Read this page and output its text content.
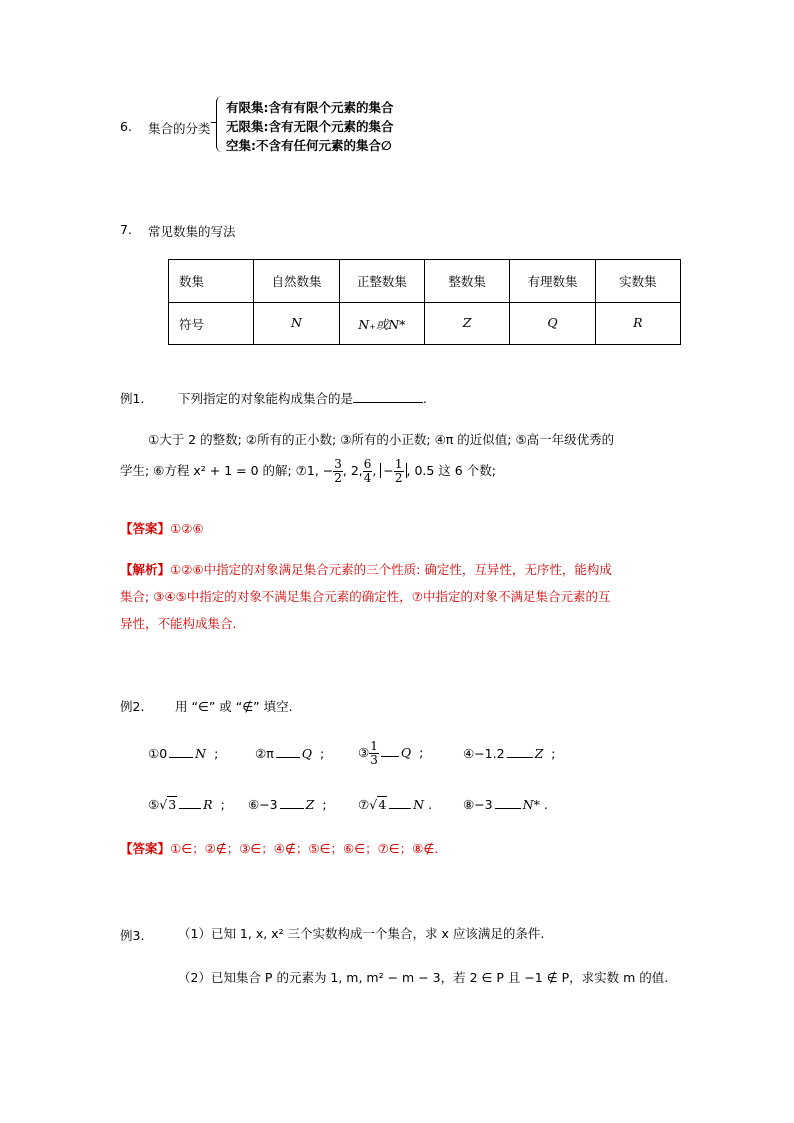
6. 集合的分类
有限集:含有有限个元素的集合
无限集:含有无限个元素的集合
空集:不含有任何元素的集合∅
7. 常见数集的写法
数集	自然数集	正整数集	整数集	有理数集	实数集
符号	N	N₊或N*	Z	Q	R
例1.	下列指定的对象能构成集合的是	.
①大于 2 的整数; ②所有的正小数; ③所有的小正数; ④π 的近似值; ⑤高一年级优秀的
学生; ⑥方程 x² + 1 = 0 的解; ⑦1, − $\frac{3}{2}$ , 2, $\frac{6}{4}$ , − $\frac{1}{2}$ , 0.5 这 6 个数;
【答案】①②⑥
【解析】①②⑥中指定的对象满足集合元素的三个性质: 确定性，互异性，无序性，能构成
集合; ③④⑤中指定的对象不满足集合元素的确定性，⑦中指定的对象不满足集合元素的互
异性，不能构成集合.
例2. 用 “∈” 或 “∉” 填空.
①0 N ;	②π Q ;	③ $\frac{1}{3}$ Q ;	④−1.2 Z ;
⑤√3 R ; ⑥−3 Z ;	⑦√4 N . ⑧−3 N* .
【答案】①∈；②∉；③∈；④∉；⑤∈；⑥∈；⑦∈；⑧∉.
例3.	（1）已知 1, x, x² 三个实数构成一个集合，求 x 应该满足的条件.
（2）已知集合 P 的元素为 1, m, m² − m − 3，若 2 ∈ P 且 −1 ∉ P，求实数 m 的值.
